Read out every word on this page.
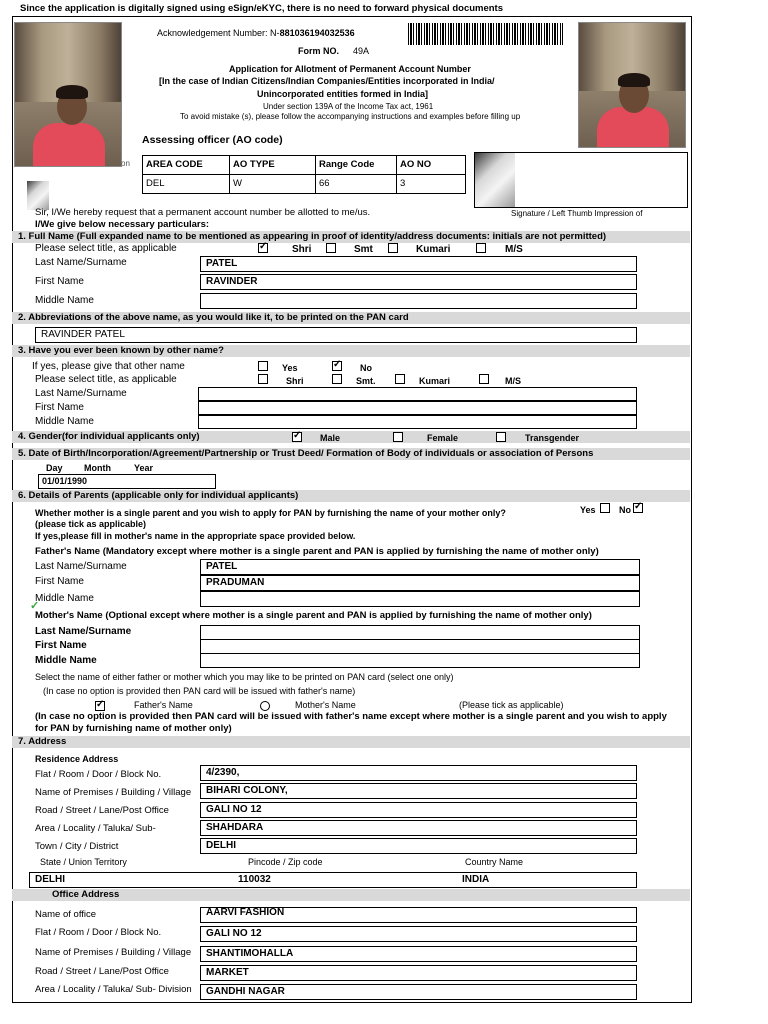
Since the application is digitally signed using eSign/eKYC, there is no need to forward physical documents
on
Acknowledgement Number: N-881036194032536
Form NO. 49A
Application for Allotment of Permanent Account Number
[In the case of Indian Citizens/Indian Companies/Entities incorporated in India/
Unincorporated entities formed in India]
Under section 139A of the Income Tax act, 1961
To avoid mistake (s), please follow the accompanying instructions and examples before filling up
Assessing officer (AO code)
AREA CODE	AO TYPE	Range Code	AO NO
DEL	W	66	3
Signature / Left Thumb Impression of
Sir, I/We hereby request that a permanent account number be allotted to me/us.
I/We give below necessary particulars:
1. Full Name (Full expanded name to be mentioned as appearing in proof of identity/address documents: initials are not permitted)
Please select title, as applicable ✓	Shri	Smt	Kumari	M/S
Last Name/Surname	PATEL
First Name	RAVINDER
Middle Name
2. Abbreviations of the above name, as you would like it, to be printed on the PAN card
RAVINDER PATEL
3. Have you ever been known by other name?
If yes, please give that other name	Yes ✓	No
Please select title, as applicable	Shri	Smt.	Kumari	M/S
Last Name/Surname
First Name
Middle Name
4. Gender(for individual applicants only) ✓	Male	Female	Transgender
5. Date of Birth/Incorporation/Agreement/Partnership or Trust Deed/ Formation of Body of individuals or association of Persons
Day Month	Year
01/01/1990
6. Details of Parents (applicable only for individual applicants)
Whether mother is a single parent and you wish to apply for PAN by furnishing the name of your mother only?	Yes	No
✓
(please tick as applicable)
If yes,please fill in mother's name in the appropriate space provided below.
Father's Name (Mandatory except where mother is a single parent and PAN is applied by furnishing the name of mother only)
Last Name/Surname	PATEL
First Name	PRADUMAN
Middle Name
✓
Mother's Name (Optional except where mother is a single parent and PAN is applied by furnishing the name of mother only)
Last Name/Surname
First Name
Middle Name
Select the name of either father or mother which you may like to be printed on PAN card (select one only)
(In case no option is provided then PAN card will be issued with father's name)
✓
Father's Name	Mother's Name	(Please tick as applicable)
(In case no option is provided then PAN card will be issued with father's name except where mother is a single parent and you wish to apply
for PAN by furnishing name of mother only)
7. Address
Residence Address
Flat / Room / Door / Block No.	4/2390,
Name of Premises / Building / Village	BIHARI COLONY,
Road / Street / Lane/Post Office	GALI NO 12
Area / Locality / Taluka/ Sub-	SHAHDARA
Town / City / District	DELHI
State / Union Territory	Pincode / Zip code	Country Name
DELHI	110032	INDIA
Office Address
Name of office	AARVI FASHION
Flat / Room / Door / Block No.	GALI NO 12
Name of Premises / Building / Village	SHANTIMOHALLA
Road / Street / Lane/Post Office	MARKET
Area / Locality / Taluka/ Sub- Division	GANDHI NAGAR
